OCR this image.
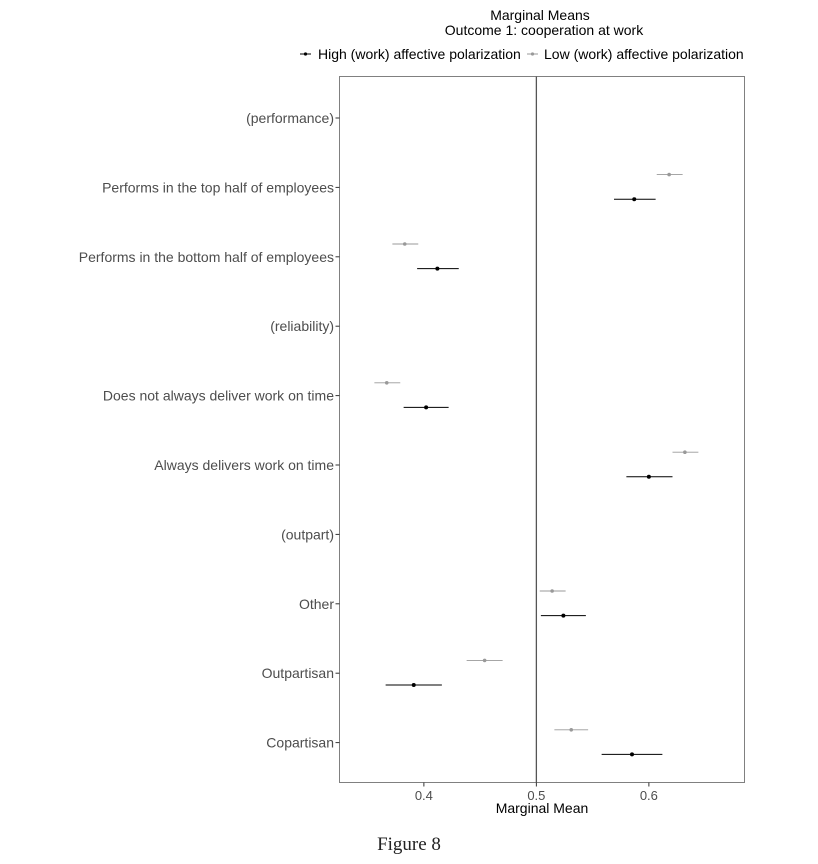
Marginal Means
Outcome 1: cooperation at work
High (work) affective polarization Low (work) affective polarization
(performance)
Performs in the top half of employees
Performs in the bottom half of employees
(reliability)
Does not always deliver work on time
Always delivers work on time
(outpart)
Other
Outpartisan
Copartisan
0.4	0.5	0.6
Marginal Mean
Figure 8
